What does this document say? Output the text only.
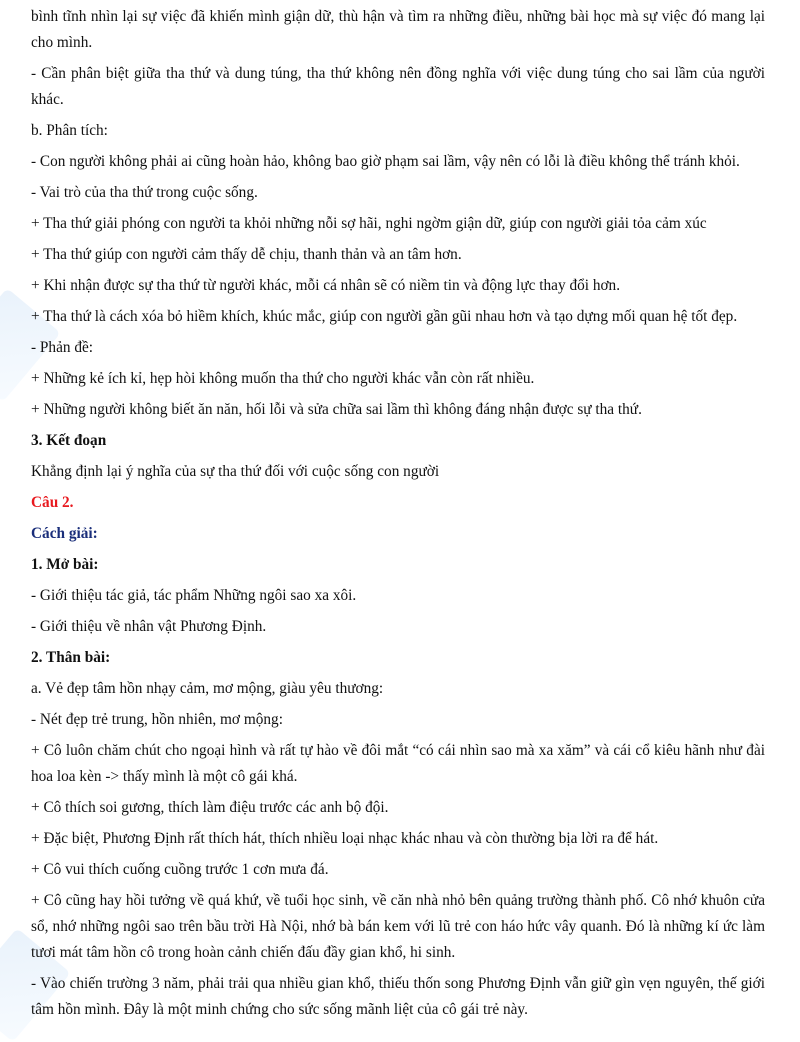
bình tĩnh nhìn lại sự việc đã khiến mình giận dữ, thù hận và tìm ra những điều, những bài học mà sự việc đó mang lại cho mình.

- Cần phân biệt giữa tha thứ và dung túng, tha thứ không nên đồng nghĩa với việc dung túng cho sai lầm của người khác.

b. Phân tích:

- Con người không phải ai cũng hoàn hảo, không bao giờ phạm sai lầm, vậy nên có lỗi là điều không thể tránh khỏi.

- Vai trò của tha thứ trong cuộc sống.

+ Tha thứ giải phóng con người ta khỏi những nỗi sợ hãi, nghi ngờm giận dữ, giúp con người giải tỏa cảm xúc

+ Tha thứ giúp con người cảm thấy dễ chịu, thanh thản và an tâm hơn.

+ Khi nhận được sự tha thứ từ người khác, mỗi cá nhân sẽ có niềm tin và động lực thay đổi hơn.

+ Tha thứ là cách xóa bỏ hiềm khích, khúc mắc, giúp con người gần gũi nhau hơn và tạo dựng mối quan hệ tốt đẹp.

- Phản đề:

+ Những kẻ ích kỉ, hẹp hòi không muốn tha thứ cho người khác vẫn còn rất nhiều.

+ Những người không biết ăn năn, hối lỗi và sửa chữa sai lầm thì không đáng nhận được sự tha thứ.

3. Kết đoạn

Khẳng định lại ý nghĩa của sự tha thứ đối với cuộc sống con người

Câu 2.

Cách giải:

1. Mở bài:

- Giới thiệu tác giả, tác phẩm Những ngôi sao xa xôi.

- Giới thiệu về nhân vật Phương Định.

2. Thân bài:

a. Vẻ đẹp tâm hồn nhạy cảm, mơ mộng, giàu yêu thương:

- Nét đẹp trẻ trung, hồn nhiên, mơ mộng:

+ Cô luôn chăm chút cho ngoại hình và rất tự hào về đôi mắt “có cái nhìn sao mà xa xăm” và cái cổ kiêu hãnh như đài hoa loa kèn -> thấy mình là một cô gái khá.

+ Cô thích soi gương, thích làm điệu trước các anh bộ đội.

+ Đặc biệt, Phương Định rất thích hát, thích nhiều loại nhạc khác nhau và còn thường bịa lời ra để hát.

+ Cô vui thích cuống cuồng trước 1 cơn mưa đá.

+ Cô cũng hay hồi tưởng về quá khứ, về tuổi học sinh, về căn nhà nhỏ bên quảng trường thành phố. Cô nhớ khuôn cửa sổ, nhớ những ngôi sao trên bầu trời Hà Nội, nhớ bà bán kem với lũ trẻ con háo hức vây quanh. Đó là những kí ức làm tươi mát tâm hồn cô trong hoàn cảnh chiến đấu đầy gian khổ, hi sinh.

- Vào chiến trường 3 năm, phải trải qua nhiều gian khổ, thiếu thốn song Phương Định vẫn giữ gìn vẹn nguyên, thế giới tâm hồn mình. Đây là một minh chứng cho sức sống mãnh liệt của cô gái trẻ này.
